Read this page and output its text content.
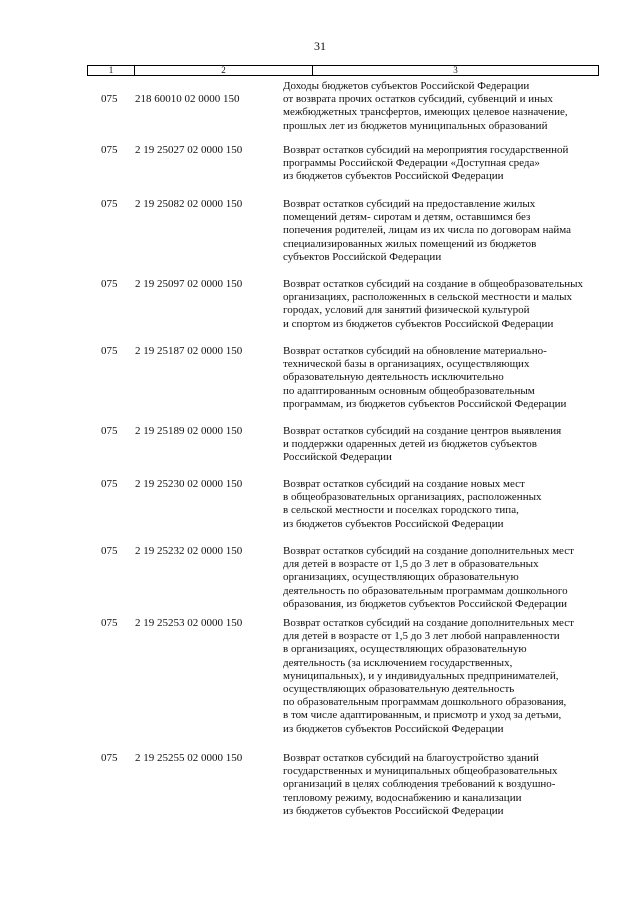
31
1	2	3
075 218 60010 02 0000 150
Доходы бюджетов субъектов Российской Федерации
от возврата прочих остатков субсидий, субвенций и иных
межбюджетных трансфертов, имеющих целевое назначение,
прошлых лет из бюджетов муниципальных образований
075 2 19 25027 02 0000 150	Возврат остатков субсидий на мероприятия государственной
программы Российской Федерации «Доступная среда»
из бюджетов субъектов Российской Федерации
075 2 19 25082 02 0000 150	Возврат остатков субсидий на предоставление жилых
помещений детям- сиротам и детям, оставшимся без
попечения родителей, лицам из их числа по договорам найма
специализированных жилых помещений из бюджетов
субъектов Российской Федерации
075 2 19 25097 02 0000 150	Возврат остатков субсидий на создание в общеобразовательных
организациях, расположенных в сельской местности и малых
городах, условий для занятий физической культурой
и спортом из бюджетов субъектов Российской Федерации
075 2 19 25187 02 0000 150	Возврат остатков субсидий на обновление материально-
технической базы в организациях, осуществляющих
образовательную деятельность исключительно
по адаптированным основным общеобразовательным
программам, из бюджетов субъектов Российской Федерации
075 2 19 25189 02 0000 150	Возврат остатков субсидий на создание центров выявления
и поддержки одаренных детей из бюджетов субъектов
Российской Федерации
075 2 19 25230 02 0000 150	Возврат остатков субсидий на создание новых мест
в общеобразовательных организациях, расположенных
в сельской местности и поселках городского типа,
из бюджетов субъектов Российской Федерации
075 2 19 25232 02 0000 150	Возврат остатков субсидий на создание дополнительных мест
для детей в возрасте от 1,5 до 3 лет в образовательных
организациях, осуществляющих образовательную
деятельность по образовательным программам дошкольного
образования, из бюджетов субъектов Российской Федерации
075 2 19 25253 02 0000 150	Возврат остатков субсидий на создание дополнительных мест
для детей в возрасте от 1,5 до 3 лет любой направленности
в организациях, осуществляющих образовательную
деятельность (за исключением государственных,
муниципальных), и у индивидуальных предпринимателей,
осуществляющих образовательную деятельность
по образовательным программам дошкольного образования,
в том числе адаптированным, и присмотр и уход за детьми,
из бюджетов субъектов Российской Федерации
075 2 19 25255 02 0000 150	Возврат остатков субсидий на благоустройство зданий
государственных и муниципальных общеобразовательных
организаций в целях соблюдения требований к воздушно-
тепловому режиму, водоснабжению и канализации
из бюджетов субъектов Российской Федерации
